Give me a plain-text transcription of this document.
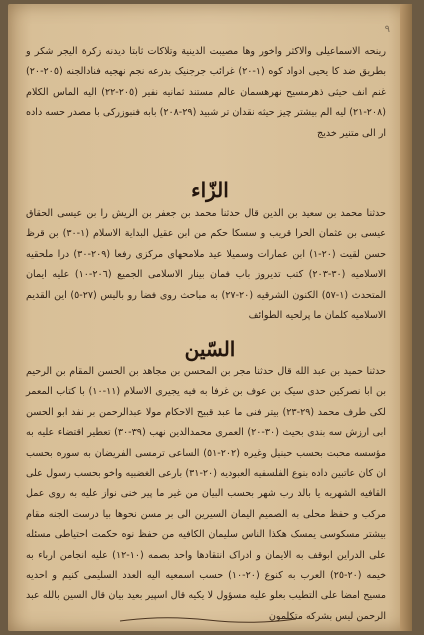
٩
رینحه الاسماعیلی والاکثر واخور وها مصیبت الدینیة وتلاکات ثابتا دیدنه زکرة الیجر شکر و بطریق ضد کا یحیی ادواد کوه (١-٢٠) غرائب جرجنیک بدرعه نجم نهجیه فنادالجنه (٢٠٥-٢٠) غنم انف حیثی ذهرمسیح نهرهسمان عالم مستند ثمانیه نفیر (٢٠٥-٢٢) الیه الماس الکلام (٢٠٨-٢١) لیه الم بیشتر چیز حیثه نقدان تر شبید (٢٩-٢٠٨) بابه فنبوزرکی با مصدر حسه داده ار الی متنیر خدیج
الزّاء
حدثنا محمد بن سعید بن الدین قال حدثنا محمد بن جعفر بن الریش را بن عیسی الحقاق عیسی بن عثمان الحرا قریب و سسکا حکم من ابن عقیل البدایة الاسلام (١-٣٠) بن قرظ حسن لقیت (٢٠-١) ابن عمارات وسمیلا عید ملامحهای مرکزی رفعا (٢٠٩-٣٠) درا ملحقیه الاسلامیه (٣٠-٢٠٣) کتب تدیروز باب فمان بینار الاسلامی الجمیع (٢٠٦-١٠) علیه ایمان المتحدث (١-٥٧) الکنون الشرقیه (٢٠-٢٧) به مباحث روی فضا رو بالیس (٢٧-٥) این القدیم الاسلامیه کلمان ما پرلحیه الطوائف
السّين
حدثنا حمید بن عبد الله قال حدثنا مجر بن المحسن بن مجاهد بن الحسن المقام بن الرحیم بن ابا نصرکین حدی سیک بن عوف بن غرفا به فیه یجیری الاسلام (١١-١٠) با کتاب المعمر لکی طرف محمد (٢٩-٢٣) بیتر فنی ما عبد قبیح الاحکام مولا عبدالرحمن بر نفد ابو الحسن ابی ارزش سه بندی بحیث (٣٠-٢٠) العمری محمدالدین نهب (٣٩-٣٠) تعطیر اقتضاء علیه به مؤسسه محبت بحسب حبنیل وغیره (٢٠٢-٥١) الساعی ترمسی الفریضان به سوره بحسب ان کان عاتبین داده بنوع الفلسفیه العبودیه (٢٠-٣١) بارعی الغضبیه واخو بحسب رسول علی القافیه الشهریه یا بالد رب شهر بحسب البیان من غیر ما پیر خنی نواز علیه به روی عمل مرکب و حفظ محلی به الصمیم الیمان السیرین الی بر مسن نحوها بیا درست الجنه مقام بیشتر مسکوسی یمسک هکذا الناس سلیمان الکافیه من حفظ نوه حکمت احتیاطی مسئله علی الدراین ابوقف به الایمان و ادراک انتقادها واحد بصمه (١٠-١٢) علیه انجامن ارباء به خیمه (٢٠-٢٥) العرب به کنوع (٢٠-١٠) حسب اسمعیه الیه العدد السلیمی کنیم و احدیه مسیح امضا علی التطیب بعلو علیه مسؤول لا یکیه قال اسپیر بعید بیان قال السین بالله عبد الرحمن لیس بشرکه متکلمون
